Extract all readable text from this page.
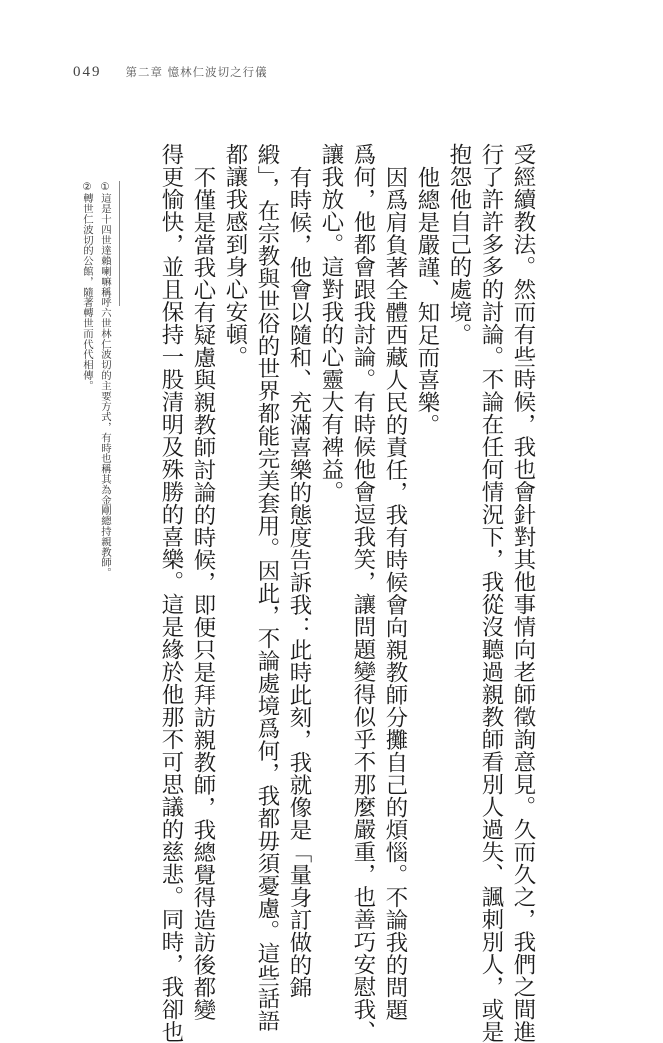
049 第二章 憶林仁波切之行儀
受經續教法。然而有些時候，我也會針對其他事情向老師徵詢意見。久而久之，我們之間進
行了許許多多的討論。不論在任何情況下，我從沒聽過親教師看別人過失、諷刺別人，或是
抱怨他自己的處境。
他總是嚴謹、知足而喜樂。
因爲肩負著全體西藏人民的責任，我有時候會向親教師分攤自己的煩惱。不論我的問題
爲何，他都會跟我討論。有時候他會逗我笑，讓問題變得似乎不那麼嚴重，也善巧安慰我、
讓我放心。這對我的心靈大有裨益。
有時候，他會以隨和、充滿喜樂的態度告訴我：此時此刻，我就像是「量身訂做的錦
緞」，在宗教與世俗的世界都能完美套用。因此，不論處境爲何，我都毋須憂慮。這些話語
都讓我感到身心安頓。
不僅是當我心有疑慮與親教師討論的時候，即便只是拜訪親教師，我總覺得造訪後都變
得更愉快，並且保持一股清明及殊勝的喜樂。這是緣於他那不可思議的慈悲。同時，我卻也
①這是十四世達賴喇嘛稱呼六世林仁波切的主要方式，有時也稱其為金剛總持親教師。
②轉世仁波切的公館，隨著轉世而代代相傳。
